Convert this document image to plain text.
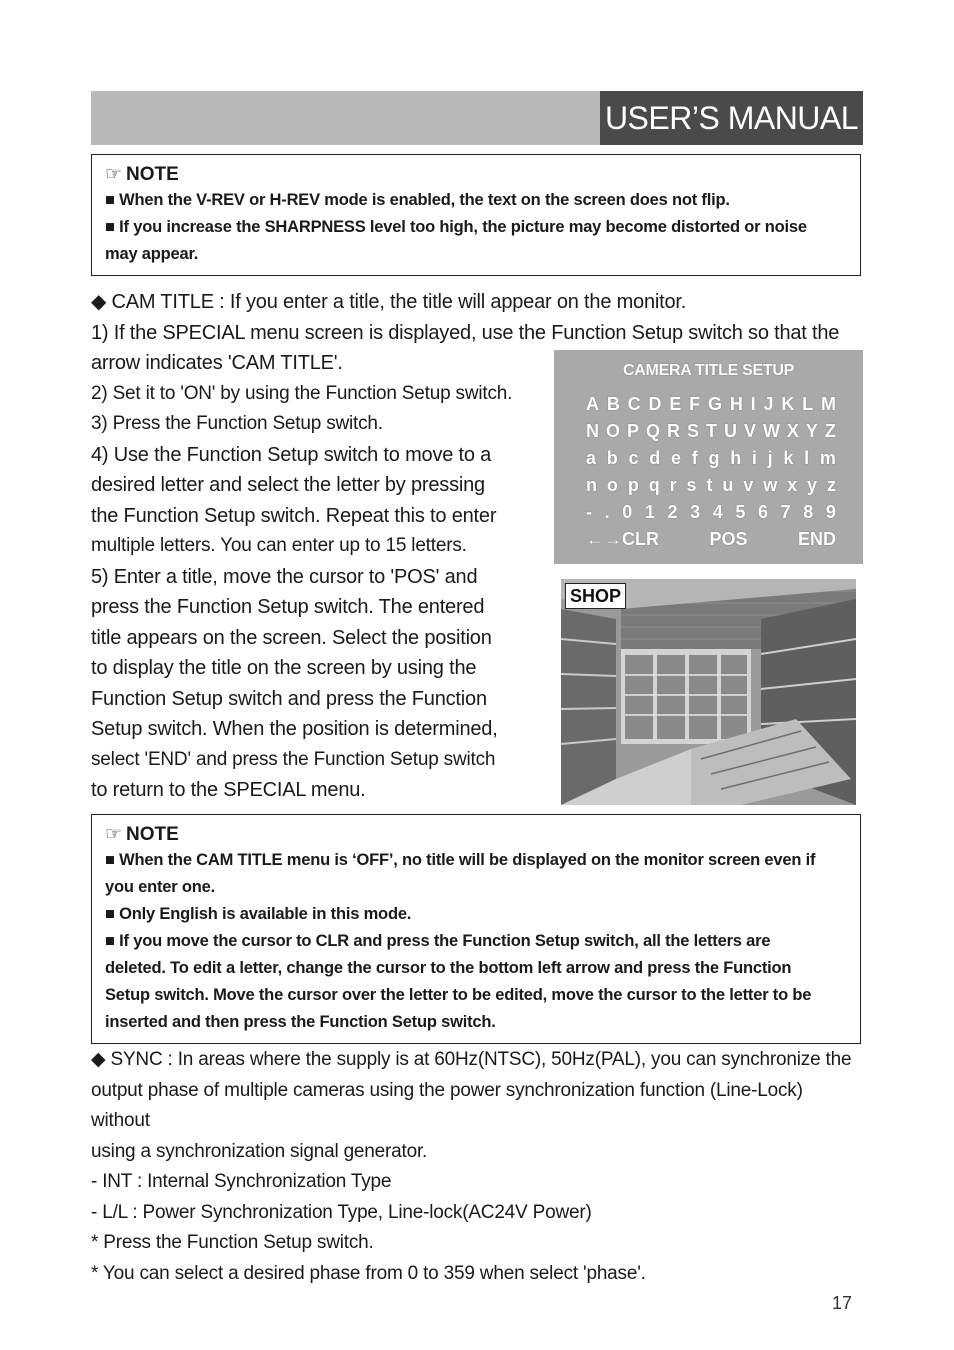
USER’S MANUAL
☞ NOTE
■ When the V-REV or H-REV mode is enabled, the text on the screen does not flip.
■ If you increase the SHARPNESS level too high, the picture may become distorted or noise
may appear.

◆ CAM TITLE : If you enter a title, the title will appear on the monitor.

1) If the SPECIAL menu screen is displayed, use the Function Setup switch so that the

arrow indicates 'CAM TITLE'.

2) Set it to 'ON' by using the Function Setup switch.

3) Press the Function Setup switch.

4) Use the Function Setup switch to move to a

desired letter and select the letter by pressing

the Function Setup switch. Repeat this to enter

multiple letters. You can enter up to 15 letters.

5) Enter a title, move the cursor to 'POS' and

press the Function Setup switch. The entered

title appears on the screen. Select the position

to display the title on the screen by using the

Function Setup switch and press the Function

Setup switch. When the position is determined,

select 'END' and press the Function Setup switch

to return to the SPECIAL menu.

CAMERA TITLE SETUP
A B C D E F G H I J K L M
N O P Q R S T U V W X Y Z
a b c d e f g h i j k l m
n o p q r s t u v w x y z
- . 0 1 2 3 4 5 6 7 8 9
←→CLR	POS	END
SHOP
☞ NOTE
■ When the CAM TITLE menu is ‘OFF’, no title will be displayed on the monitor screen even if
you enter one.
■ Only English is available in this mode.
■ If you move the cursor to CLR and press the Function Setup switch, all the letters are
deleted. To edit a letter, change the cursor to the bottom left arrow and press the Function
Setup switch. Move the cursor over the letter to be edited, move the cursor to the letter to be
inserted and then press the Function Setup switch.

◆ SYNC : In areas where the supply is at 60Hz(NTSC), 50Hz(PAL), you can synchronize the

output phase of multiple cameras using the power synchronization function (Line-Lock) without

using a synchronization signal generator.

- INT : Internal Synchronization Type

- L/L : Power Synchronization Type, Line-lock(AC24V Power)

* Press the Function Setup switch.

* You can select a desired phase from 0 to 359 when select 'phase'.

17
